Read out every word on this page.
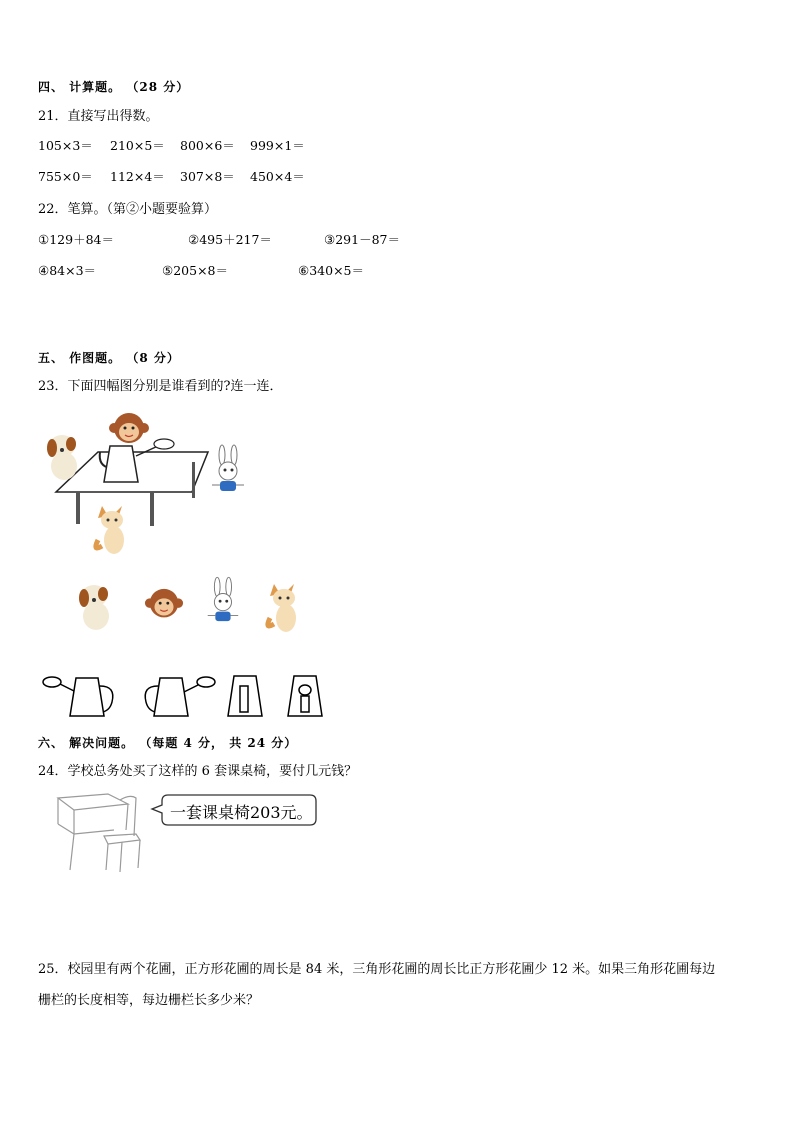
四、 计算题。 （28 分）
21．直接写出得数。
105×3＝ 210×5＝ 800×6＝ 999×1＝
755×0＝ 112×4＝ 307×8＝ 450×4＝
22．笔算。（第②小题要验算）
①129＋84＝	②495＋217＝	③291－87＝
④84×3＝	⑤205×8＝	⑥340×5＝
五、 作图题。 （8 分）
23．下面四幅图分别是谁看到的?连一连．
六、 解决问题。 （每题 4 分， 共 24 分）
24．学校总务处买了这样的 6 套课桌椅，要付几元钱？
一套课桌椅203元。
25．校园里有两个花圃，正方形花圃的周长是 84 米，三角形花圃的周长比正方形花圃少 12 米。如果三角形花圃每边
栅栏的长度相等，每边栅栏长多少米？
